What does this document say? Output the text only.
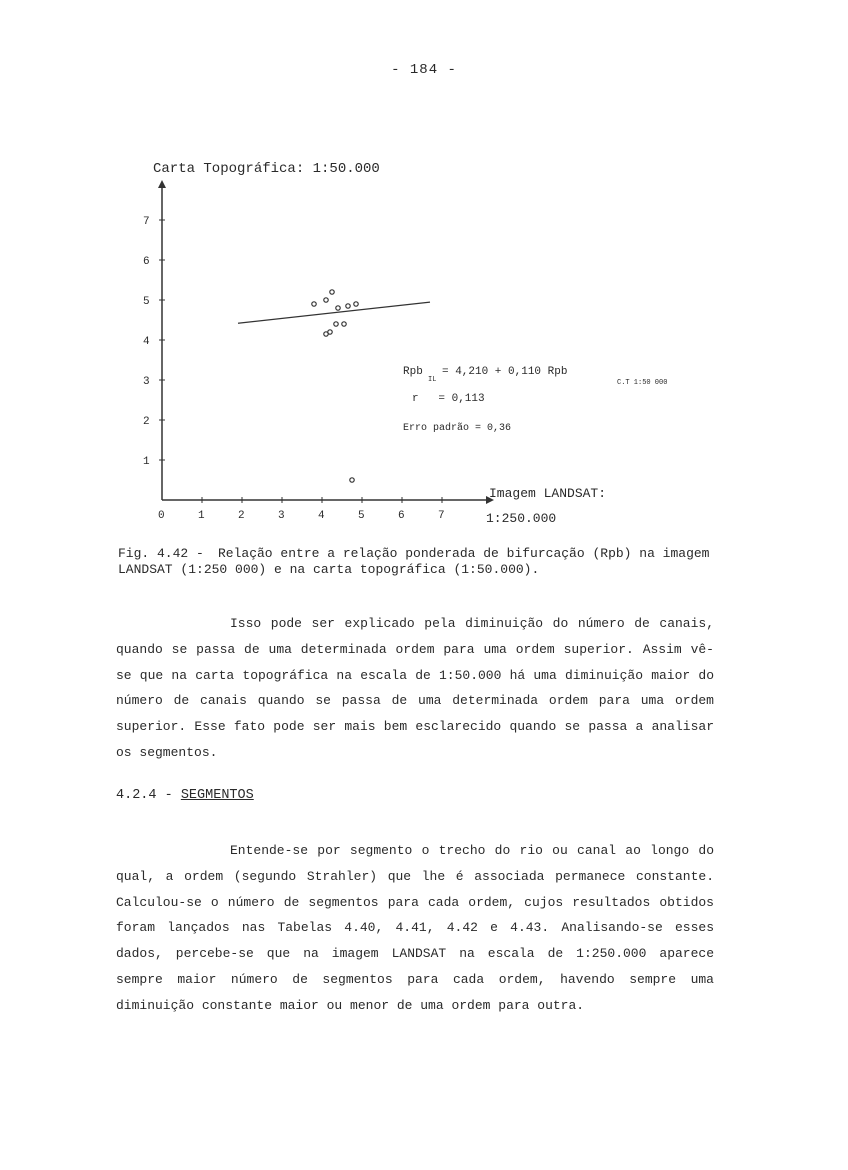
- 184 -
Carta Topográfica: 1:50.000
0	1	2	3	4	5	6	7
1
2
3
4
5
6
7
Imagem LANDSAT:
1:250.000
Rpb
IL
= 4,210 + 0,110 Rpb
C.T 1:50 000
r   = 0,113
Erro padrão = 0,36
Fig. 4.42 - Relação entre a relação ponderada de bifurcação (Rpb) na imagem LANDSAT (1:250 000) e na carta topográfica (1:50.000).
Isso pode ser explicado pela diminuição do número de canais, quando se passa de uma determinada ordem para uma ordem superior. Assim vê-se que na carta topográfica na escala de 1:50.000 há uma diminuição maior do número de canais quando se passa de uma determinada ordem para uma ordem superior. Esse fato pode ser mais bem esclarecido quando se passa a analisar os segmentos.
4.2.4 - SEGMENTOS
Entende-se por segmento o trecho do rio ou canal ao longo do qual, a ordem (segundo Strahler) que lhe é associada permanece constante. Calculou-se o número de segmentos para cada ordem, cujos resultados obtidos foram lançados nas Tabelas 4.40, 4.41, 4.42 e 4.43. Analisando-se esses dados, percebe-se que na imagem LANDSAT na escala de 1:250.000 aparece sempre maior número de segmentos para cada ordem, havendo sempre uma diminuição constante maior ou menor de uma ordem para outra.
